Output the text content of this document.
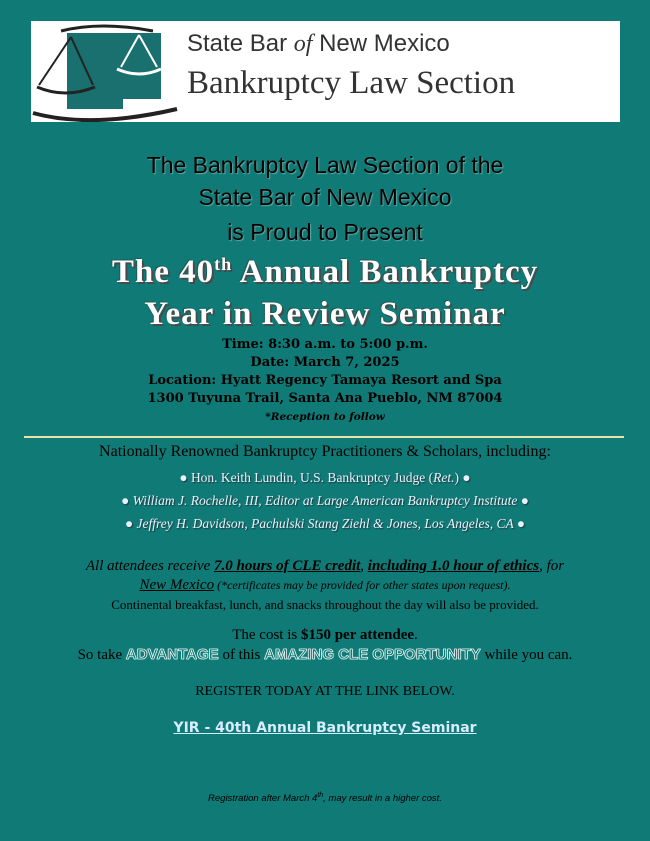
State Bar of New Mexico
Bankruptcy Law Section
The Bankruptcy Law Section of the
State Bar of New Mexico
is Proud to Present
The 40th Annual Bankruptcy
Year in Review Seminar
Time: 8:30 a.m. to 5:00 p.m.
Date: March 7, 2025
Location: Hyatt Regency Tamaya Resort and Spa
1300 Tuyuna Trail, Santa Ana Pueblo, NM 87004
*Reception to follow
Nationally Renowned Bankruptcy Practitioners & Scholars, including:
● Hon. Keith Lundin, U.S. Bankruptcy Judge (Ret.) ●
● William J. Rochelle, III, Editor at Large American Bankruptcy Institute ●
● Jeffrey H. Davidson, Pachulski Stang Ziehl & Jones, Los Angeles, CA ●
All attendees receive 7.0 hours of CLE credit, including 1.0 hour of ethics, for
New Mexico (*certificates may be provided for other states upon request).
Continental breakfast, lunch, and snacks throughout the day will also be provided.
The cost is $150 per attendee.
So take ADVANTAGE of this AMAZING CLE OPPORTUNITY while you can.
REGISTER TODAY AT THE LINK BELOW.
YIR - 40th Annual Bankruptcy Seminar
Registration after March 4th, may result in a higher cost.
